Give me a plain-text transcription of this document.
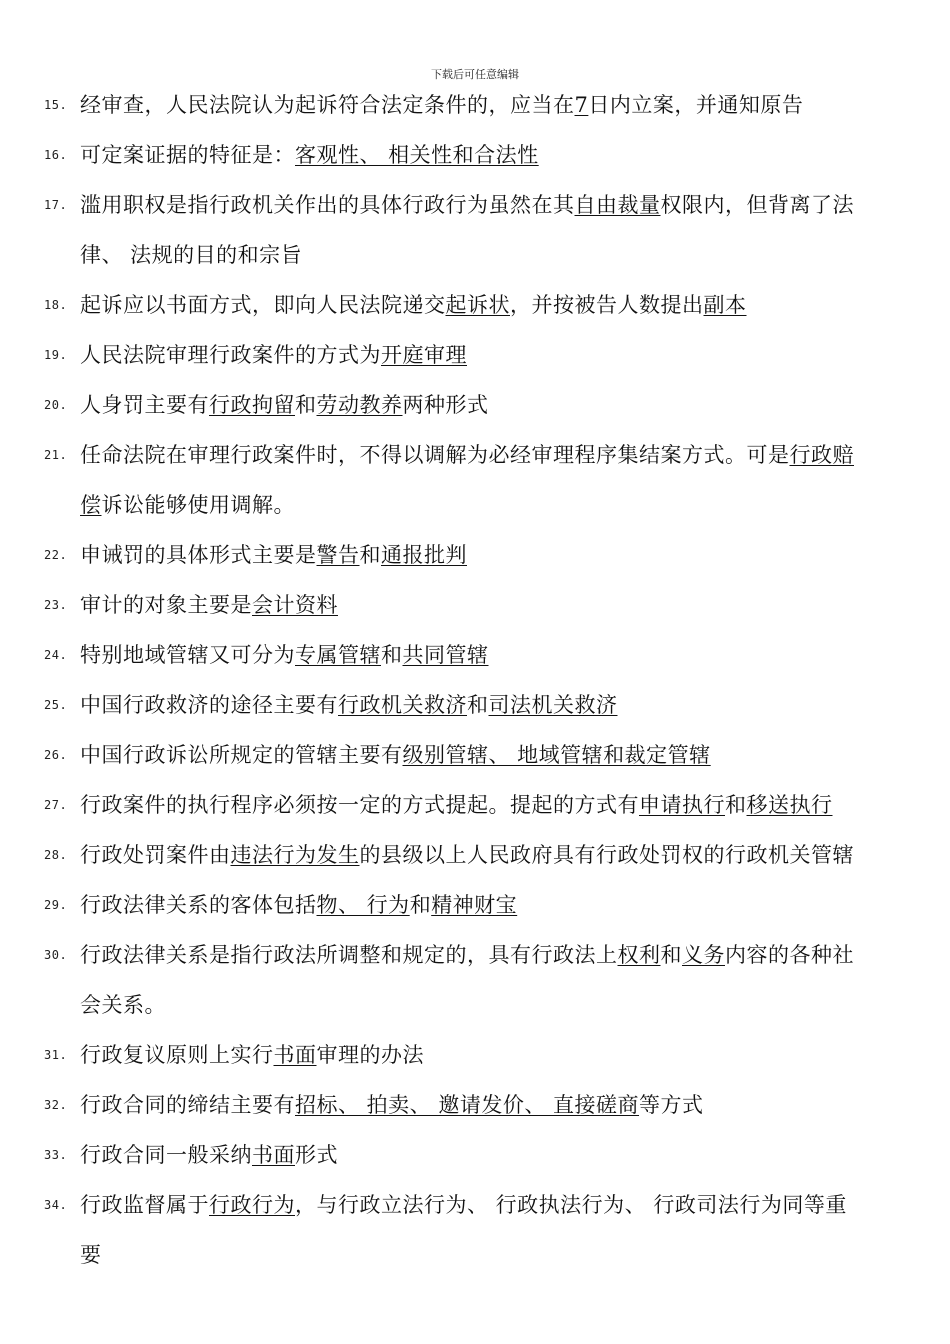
下载后可任意编辑
15. 经审查，人民法院认为起诉符合法定条件的，应当在7日内立案，并通知原告
16. 可定案证据的特征是：客观性、 相关性和合法性
17. 滥用职权是指行政机关作出的具体行政行为虽然在其自由裁量权限内，但背离了法
律、 法规的目的和宗旨
18. 起诉应以书面方式，即向人民法院递交起诉状，并按被告人数提出副本
19. 人民法院审理行政案件的方式为开庭审理
20. 人身罚主要有行政拘留和劳动教养两种形式
21. 任命法院在审理行政案件时，不得以调解为必经审理程序集结案方式。可是行政赔
偿诉讼能够使用调解。
22. 申诫罚的具体形式主要是警告和通报批判
23. 审计的对象主要是会计资料
24. 特别地域管辖又可分为专属管辖和共同管辖
25. 中国行政救济的途径主要有行政机关救济和司法机关救济
26. 中国行政诉讼所规定的管辖主要有级别管辖、 地域管辖和裁定管辖
27. 行政案件的执行程序必须按一定的方式提起。提起的方式有申请执行和移送执行
28. 行政处罚案件由违法行为发生的县级以上人民政府具有行政处罚权的行政机关管辖
29. 行政法律关系的客体包括物、 行为和精神财宝
30. 行政法律关系是指行政法所调整和规定的，具有行政法上权利和义务内容的各种社
会关系。
31. 行政复议原则上实行书面审理的办法
32. 行政合同的缔结主要有招标、 拍卖、 邀请发价、 直接磋商等方式
33. 行政合同一般采纳书面形式
34. 行政监督属于行政行为，与行政立法行为、 行政执法行为、 行政司法行为同等重
要
